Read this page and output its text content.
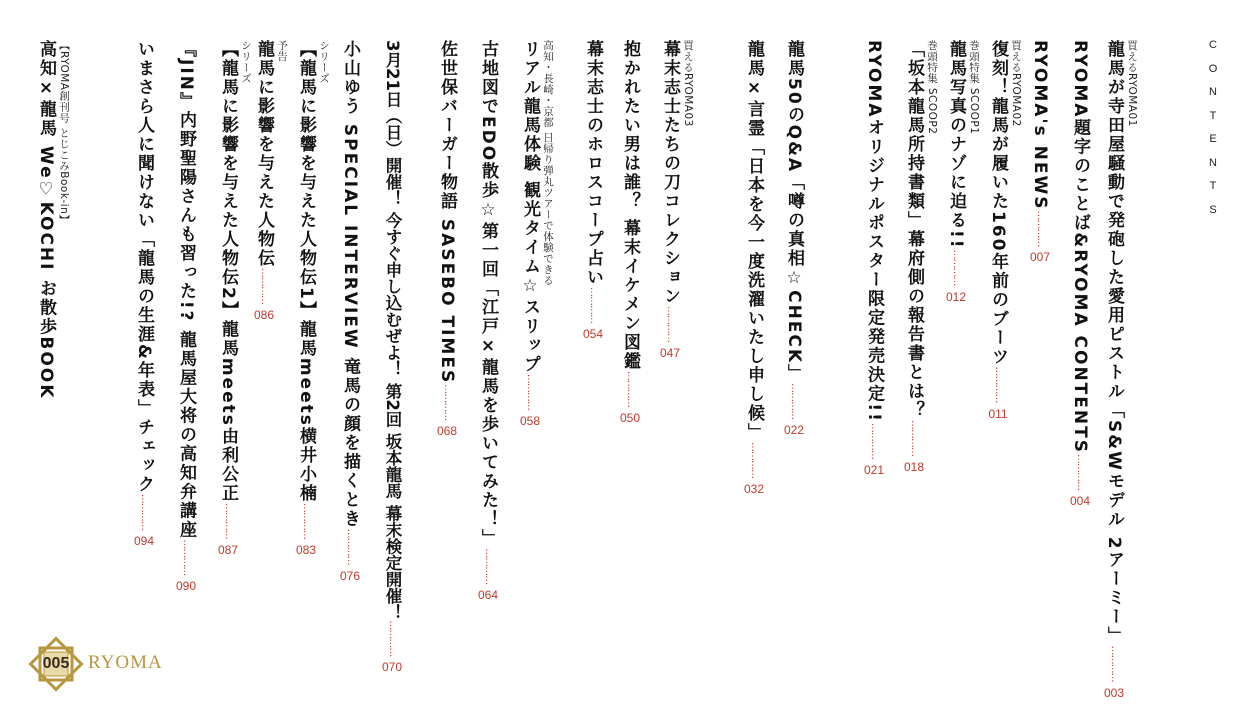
C
O
N
T
E
N
T
S
買えるRYOMA01
龍馬が寺田屋騒動で発砲した愛用ピストル「S&Wモデル 2アーミー」…………003
RYOMA題字のことば&RYOMA CONTENTS…………004
RYOMA's NEWS…………007
買えるRYOMA02
復刻！龍馬が履いた160年前のブーツ…………011
巻頭特集 SCOOP1
龍馬写真のナゾに迫る!!…………012
巻頭特集 SCOOP2
「坂本龍馬所持書類」幕府側の報告書とは？…………018
RYOMAオリジナルポスター限定発売決定!!…………021
龍馬50のQ&A「噂の真相☆CHECK」…………022
龍馬×言霊「日本を今一度洗濯いたし申し候」…………032
買えるRYOMA03
幕末志士たちの刀コレクション…………047
抱かれたい男は誰？ 幕末イケメン図鑑…………050
幕末志士のホロスコープ占い…………054
高知・長崎・京都 日帰り弾丸ツアーで体験できる
リアル龍馬体験 観光タイム☆スリップ…………058
古地図でEDO散歩☆第一回「江戸×龍馬を歩いてみた！」…………064
佐世保バーガー物語 SASEBO TIMES…………068
3月21日（日）開催！ 今すぐ申し込むぜよ！ 第2回 坂本龍馬 幕末検定開催！…………070
小山ゆう SPECIAL INTERVIEW 竜馬の顔を描くとき…………076
シリーズ
【龍馬に影響を与えた人物伝1】龍馬meets横井小楠…………083
予告
龍馬に影響を与えた人物伝…………086
シリーズ
【龍馬に影響を与えた人物伝2】龍馬meets由利公正…………087
『JIN』内野聖陽さんも習った!? 龍馬屋大将の高知弁講座…………090
いまさら人に聞けない「龍馬の生涯&年表」チェック…………094
【RYOMA創刊号 とじこみBook-in】
高知×龍馬 We♡KOCHI お散歩BOOK
005 RYOMA
